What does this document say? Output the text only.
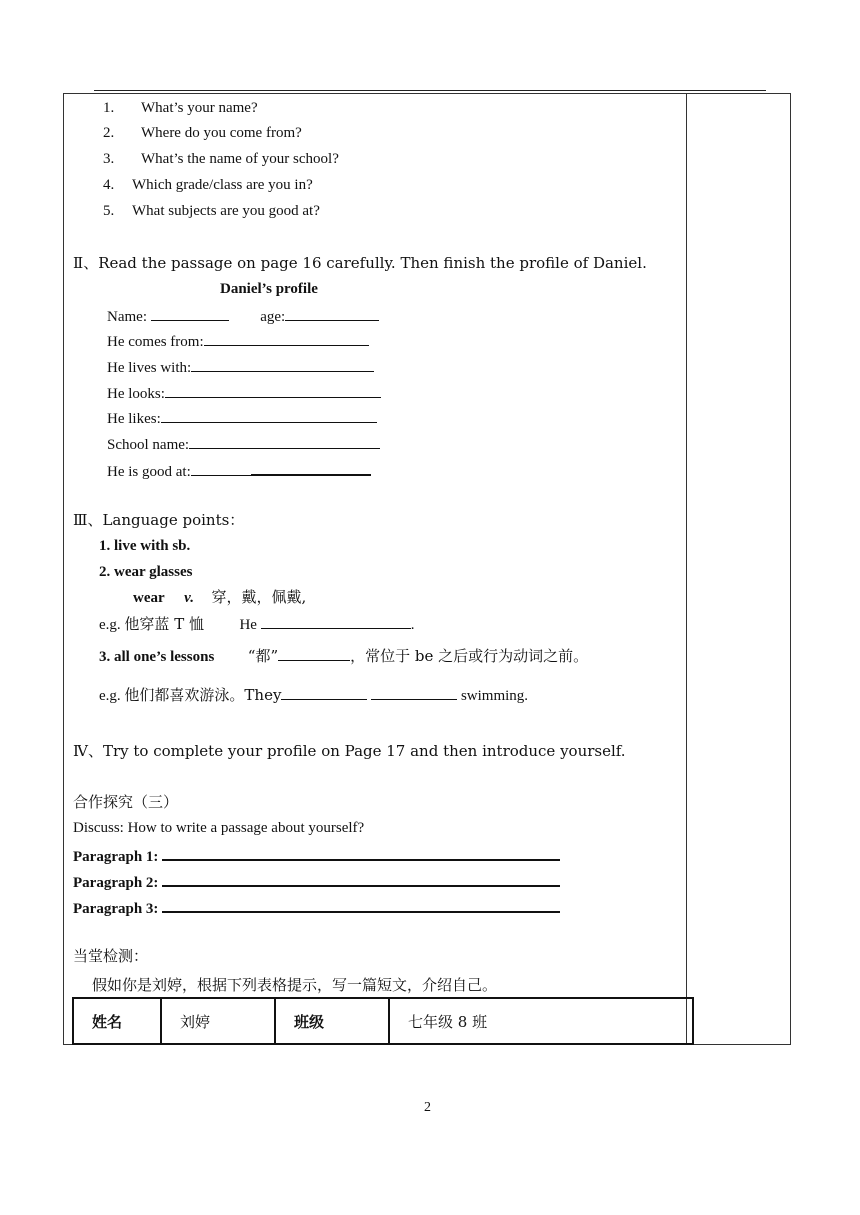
1. What’s your name?
2. Where do you come from?
3. What’s the name of your school?
4. Which grade/class are you in?
5. What subjects are you good at?
Ⅱ、Read the passage on page 16 carefully. Then finish the profile of Daniel.
Daniel’s profile
Name:	age:
He comes from:
He lives with:
He looks:
He likes:
School name:
He is good at:
Ⅲ、Language points：
1. live with sb.
2. wear glasses
wear v. 穿，戴，佩戴,
e.g. 他穿蓝 T 恤 He	.
3. all one’s lessons “都”	，常位于 be 之后或行为动词之前。
e.g. 他们都喜欢游泳。They	swimming.
Ⅳ、Try to complete your profile on Page 17 and then introduce yourself.
合作探究（三）
Discuss: How to write a passage about yourself?
Paragraph 1:
Paragraph 2:
Paragraph 3:
当堂检测：
假如你是刘婷，根据下列表格提示，写一篇短文，介绍自己。
姓名	刘婷	班级	七年级 8 班
2
